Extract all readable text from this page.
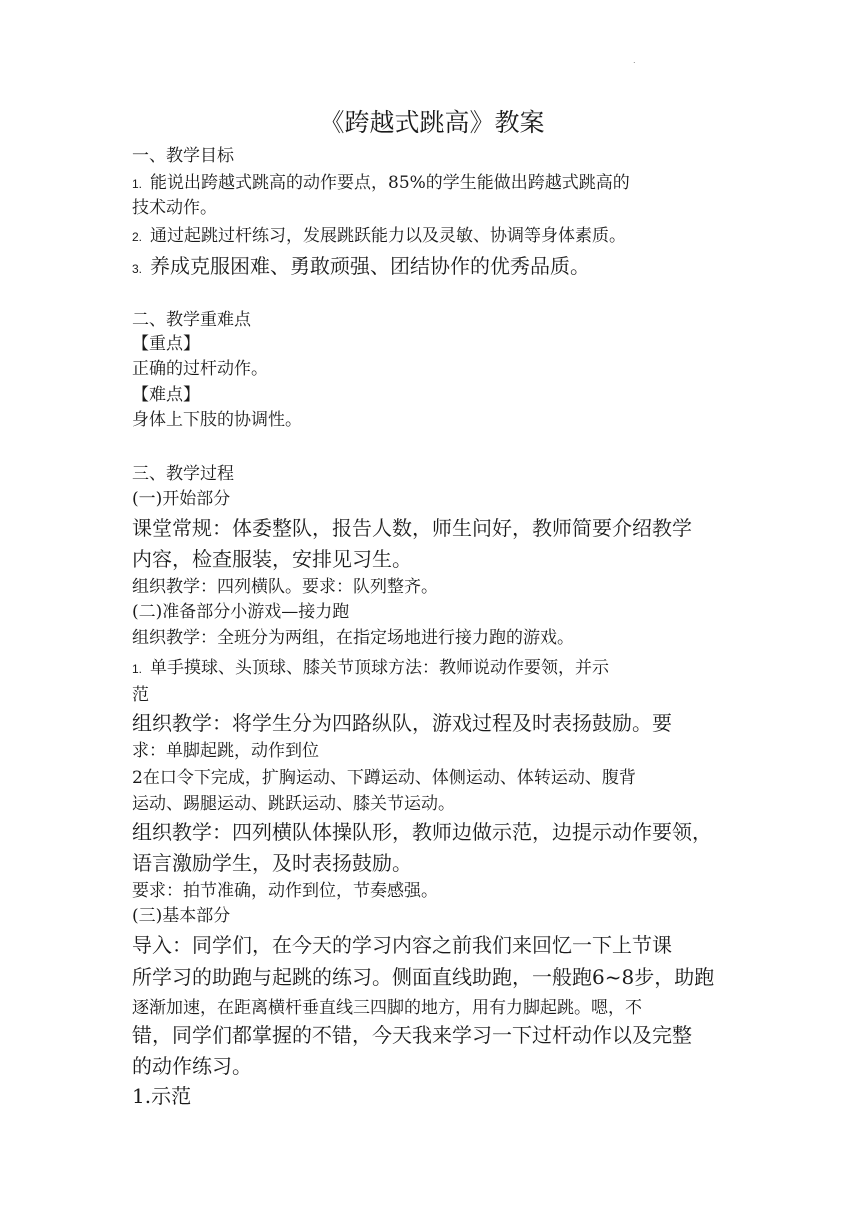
.
《跨越式跳高》教案
一、教学目标
1. 能说出跨越式跳高的动作要点，85%的学生能做出跨越式跳高的
技术动作。
2. 通过起跳过杆练习，发展跳跃能力以及灵敏、协调等身体素质。
3. 养成克服困难、勇敢顽强、团结协作的优秀品质。
二、教学重难点
【重点】
正确的过杆动作。
【难点】
身体上下肢的协调性。
三、教学过程
(一)开始部分
课堂常规：体委整队，报告人数，师生问好，教师简要介绍教学
内容，检查服装，安排见习生。
组织教学：四列横队。要求：队列整齐。
(二)准备部分小游戏—接力跑
组织教学：全班分为两组，在指定场地进行接力跑的游戏。
1. 单手摸球、头顶球、膝关节顶球方法：教师说动作要领，并示
范
组织教学：将学生分为四路纵队，游戏过程及时表扬鼓励。要
求：单脚起跳，动作到位
2在口令下完成，扩胸运动、下蹲运动、体侧运动、体转运动、腹背
运动、踢腿运动、跳跃运动、膝关节运动。
组织教学：四列横队体操队形，教师边做示范，边提示动作要领，
语言激励学生，及时表扬鼓励。
要求：拍节准确，动作到位，节奏感强。
(三)基本部分
导入：同学们，在今天的学习内容之前我们来回忆一下上节课
所学习的助跑与起跳的练习。侧面直线助跑，一般跑6~8步，助跑
逐渐加速，在距离横杆垂直线三四脚的地方，用有力脚起跳。嗯，不
错，同学们都掌握的不错，今天我来学习一下过杆动作以及完整
的动作练习。
1.示范
